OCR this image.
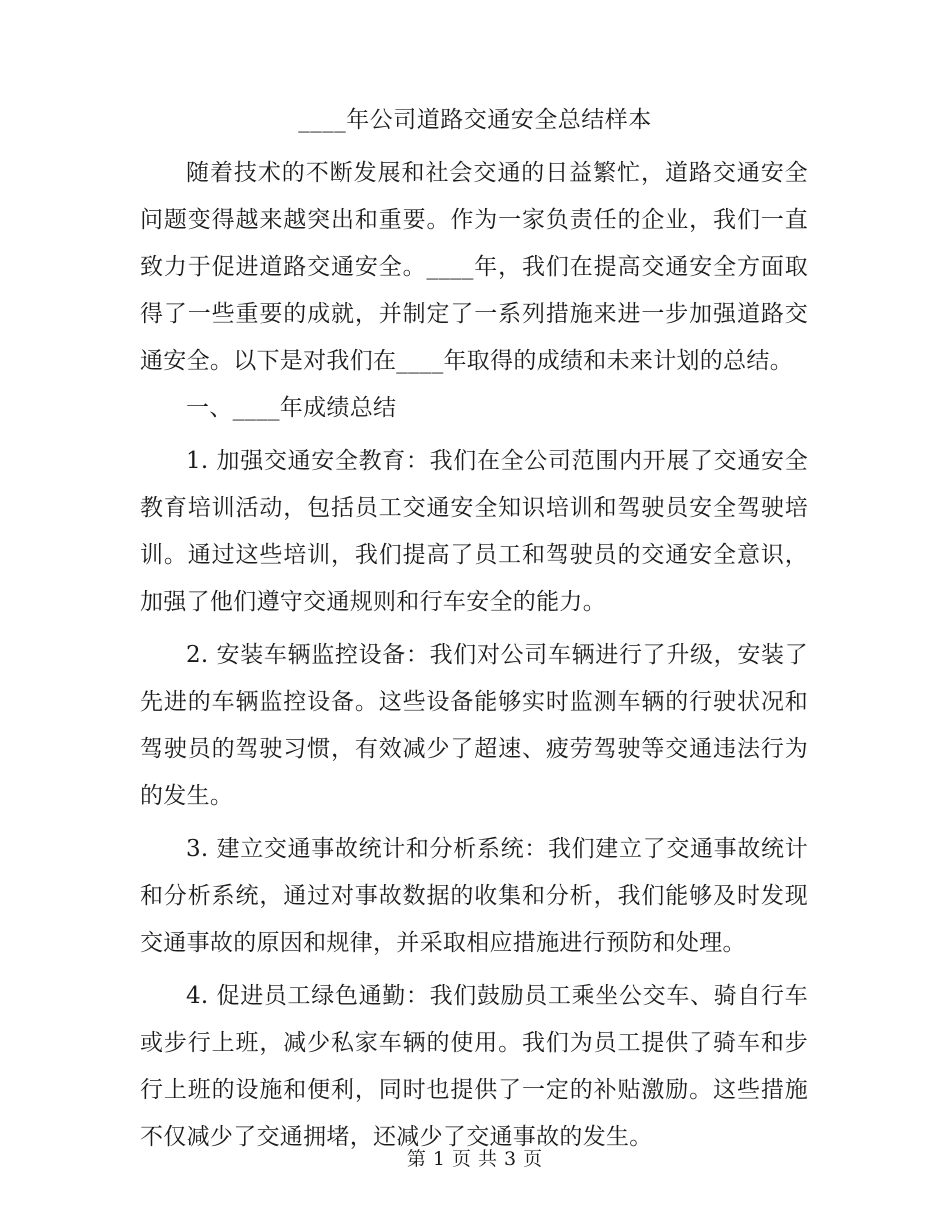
____年公司道路交通安全总结样本

随着技术的不断发展和社会交通的日益繁忙，道路交通安全问题变得越来越突出和重要。作为一家负责任的企业，我们一直致力于促进道路交通安全。____年，我们在提高交通安全方面取得了一些重要的成就，并制定了一系列措施来进一步加强道路交通安全。以下是对我们在____年取得的成绩和未来计划的总结。

一、____年成绩总结

1. 加强交通安全教育：我们在全公司范围内开展了交通安全教育培训活动，包括员工交通安全知识培训和驾驶员安全驾驶培训。通过这些培训，我们提高了员工和驾驶员的交通安全意识，加强了他们遵守交通规则和行车安全的能力。

2. 安装车辆监控设备：我们对公司车辆进行了升级，安装了先进的车辆监控设备。这些设备能够实时监测车辆的行驶状况和驾驶员的驾驶习惯，有效减少了超速、疲劳驾驶等交通违法行为的发生。

3. 建立交通事故统计和分析系统：我们建立了交通事故统计和分析系统，通过对事故数据的收集和分析，我们能够及时发现交通事故的原因和规律，并采取相应措施进行预防和处理。

4. 促进员工绿色通勤：我们鼓励员工乘坐公交车、骑自行车或步行上班，减少私家车辆的使用。我们为员工提供了骑车和步行上班的设施和便利，同时也提供了一定的补贴激励。这些措施不仅减少了交通拥堵，还减少了交通事故的发生。

第 1 页 共 3 页
